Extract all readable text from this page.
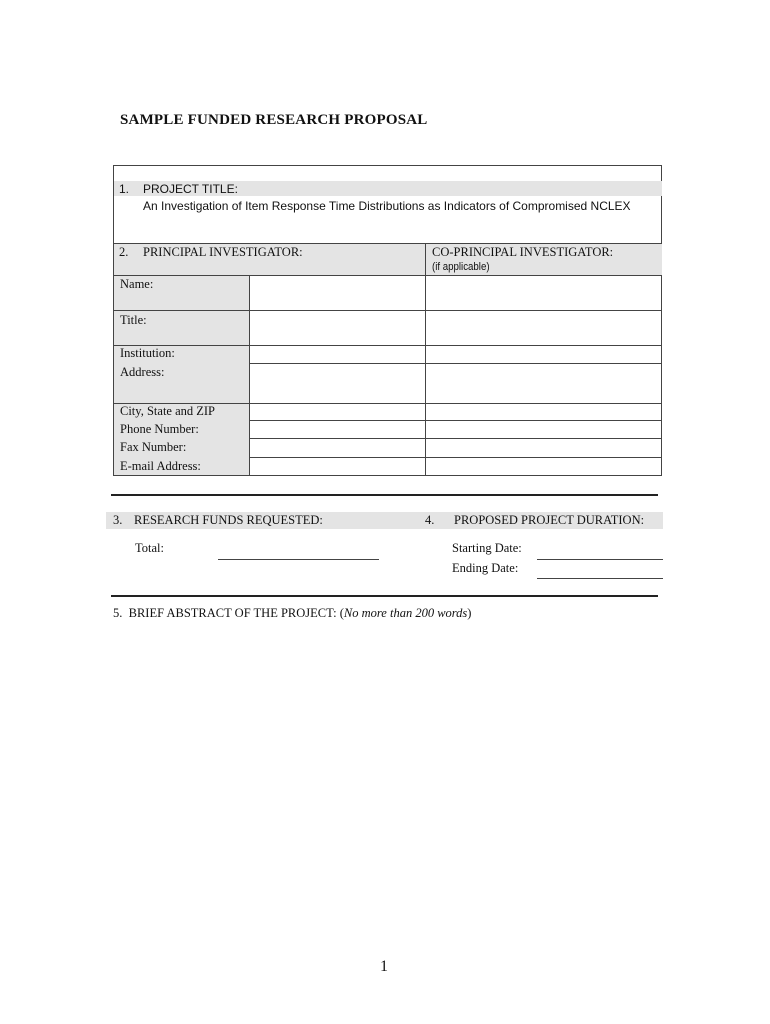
SAMPLE FUNDED RESEARCH PROPOSAL
1. PROJECT TITLE:
An Investigation of Item Response Time Distributions as Indicators of Compromised NCLEX
2. PRINCIPAL INVESTIGATOR:	CO-PRINCIPAL INVESTIGATOR:
(if applicable)
Name:
Title:
Institution:
Address:
City, State and ZIP
Phone Number:
Fax Number:
E-mail Address:
3. RESEARCH FUNDS REQUESTED:	4. PROPOSED PROJECT DURATION:
Total:	Starting Date:
Ending Date:
5. BRIEF ABSTRACT OF THE PROJECT: (No more than 200 words)
1
